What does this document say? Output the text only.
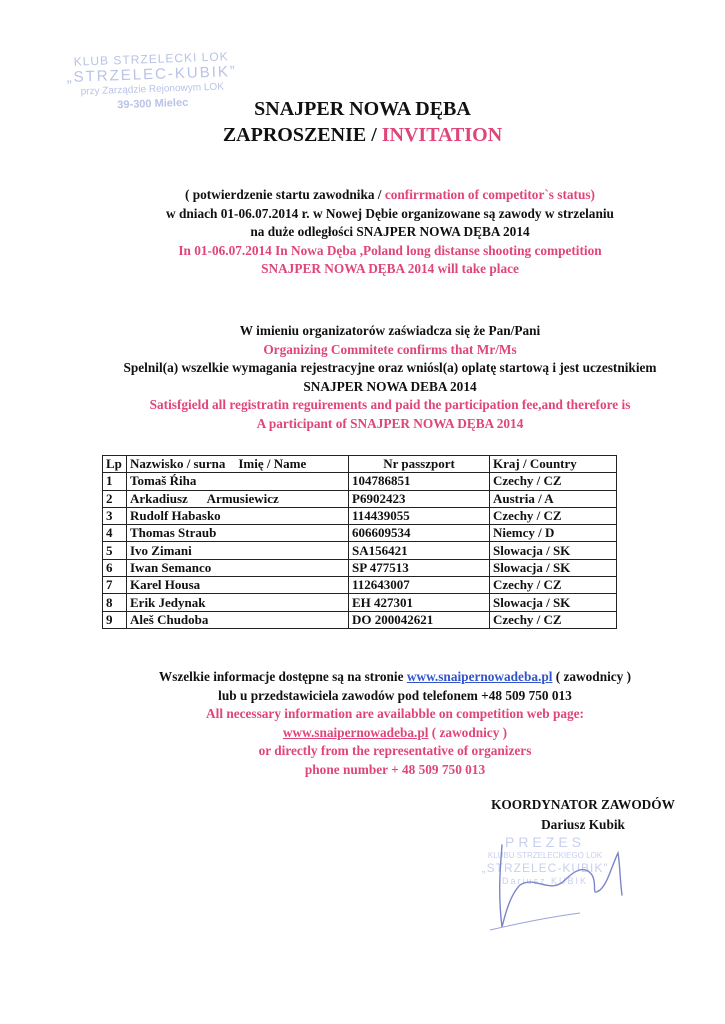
KLUB STRZELECKI LOK
„STRZELEC-KUBIK”
przy Zarządzie Rejonowym LOK
39-300 Mielec	SNAJPER NOWA DĘBA
ZAPROSZENIE / INVITATION
( potwierdzenie startu zawodnika / confirrmation of competitor`s status)
w dniach 01-06.07.2014 r. w Nowej Dębie organizowane są zawody w strzelaniu
na duże odległości SNAJPER NOWA DĘBA 2014
In 01-06.07.2014 In Nowa Dęba ,Poland long distanse shooting competition
SNAJPER NOWA DĘBA 2014 will take place
W imieniu organizatorów zaświadcza się że Pan/Pani
Organizing Commitete confirms that Mr/Ms
Spelnil(a) wszelkie wymagania rejestracyjne oraz wniósl(a) oplatę startową i jest uczestnikiem
SNAJPER NOWA DEBA 2014
Satisfgield all registratin reguirements and paid the participation fee,and therefore is
A participant of SNAJPER NOWA DĘBA 2014
Lp	Nazwisko / surna    Imię / Name	Nr passzport	Kraj / Country
1	Tomaš Ŕiha	104786851	Czechy / CZ
2	Arkadiusz      Armusiewicz	P6902423	Austria / A
3	Rudolf Habasko	114439055	Czechy / CZ
4	Thomas Straub	606609534	Niemcy / D
5	Ivo Zimani	SA156421	Slowacja / SK
6	Iwan Semanco	SP 477513	Slowacja / SK
7	Karel Housa	112643007	Czechy / CZ
8	Erik Jedynak	EH 427301	Slowacja / SK
9	Aleš Chudoba	DO 200042621	Czechy / CZ
Wszelkie informacje dostępne są na stronie www.snaipernowadeba.pl ( zawodnicy )
lub u przedstawiciela zawodów pod telefonem +48 509 750 013
All necessary information are availabble on competition web page:
www.snaipernowadeba.pl ( zawodnicy )
or directly from the representative of organizers
phone number + 48 509 750 013
KOORDYNATOR ZAWODÓW
Dariusz Kubik
PREZES
KLUBU STRZELECKIEGO LOK
„STRZELEC-KUBIK”
Dariusz KUBIK
